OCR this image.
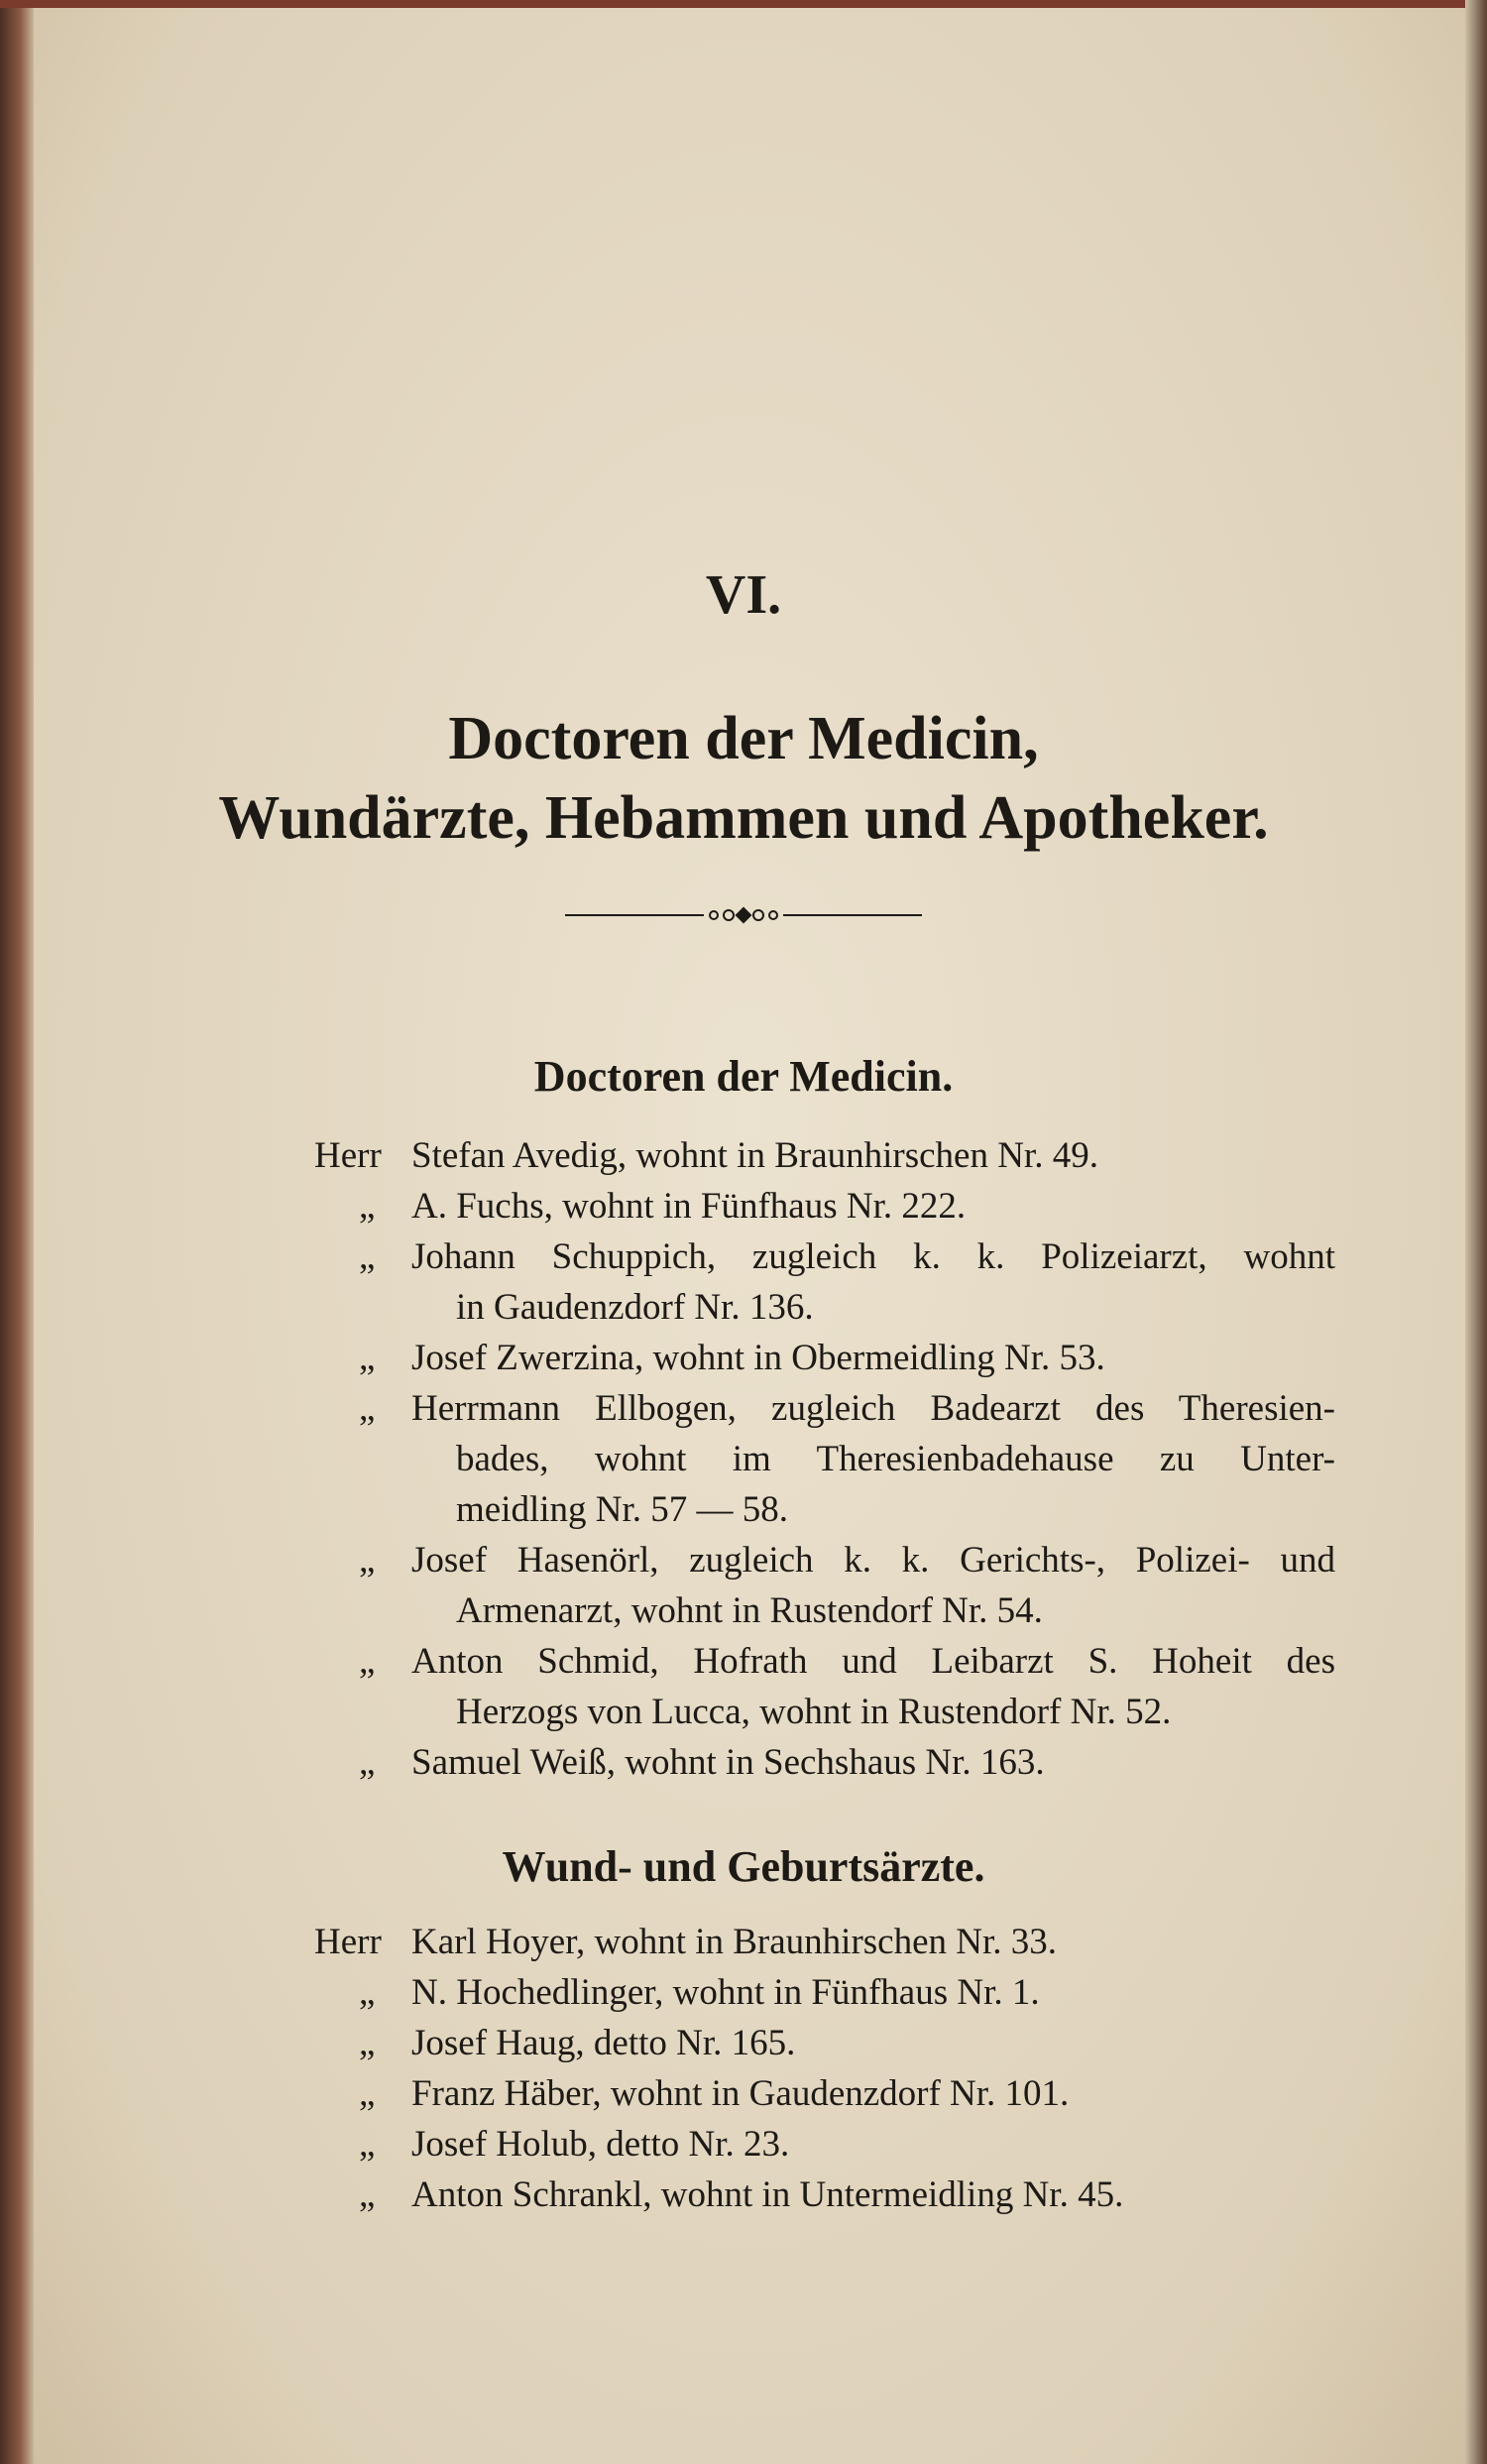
VI.
Doctoren der Medicin,
Wundärzte, Hebammen und Apotheker.
Doctoren der Medicin.
Herr Stefan Avedig, wohnt in Braunhirschen Nr. 49.
„ A. Fuchs, wohnt in Fünfhaus Nr. 222.
„ Johann Schuppich, zugleich k. k. Polizeiarzt, wohnt
in Gaudenzdorf Nr. 136.
„ Josef Zwerzina, wohnt in Obermeidling Nr. 53.
„ Herrmann Ellbogen, zugleich Badearzt des Theresien-
bades, wohnt im Theresienbadehause zu Unter-
meidling Nr. 57 — 58.
„ Josef Hasenörl, zugleich k. k. Gerichts-, Polizei- und
Armenarzt, wohnt in Rustendorf Nr. 54.
„ Anton Schmid, Hofrath und Leibarzt S. Hoheit des
Herzogs von Lucca, wohnt in Rustendorf Nr. 52.
„ Samuel Weiß, wohnt in Sechshaus Nr. 163.
Wund- und Geburtsärzte.
Herr Karl Hoyer, wohnt in Braunhirschen Nr. 33.
„ N. Hochedlinger, wohnt in Fünfhaus Nr. 1.
„ Josef Haug, detto Nr. 165.
„ Franz Häber, wohnt in Gaudenzdorf Nr. 101.
„ Josef Holub, detto Nr. 23.
„ Anton Schrankl, wohnt in Untermeidling Nr. 45.
